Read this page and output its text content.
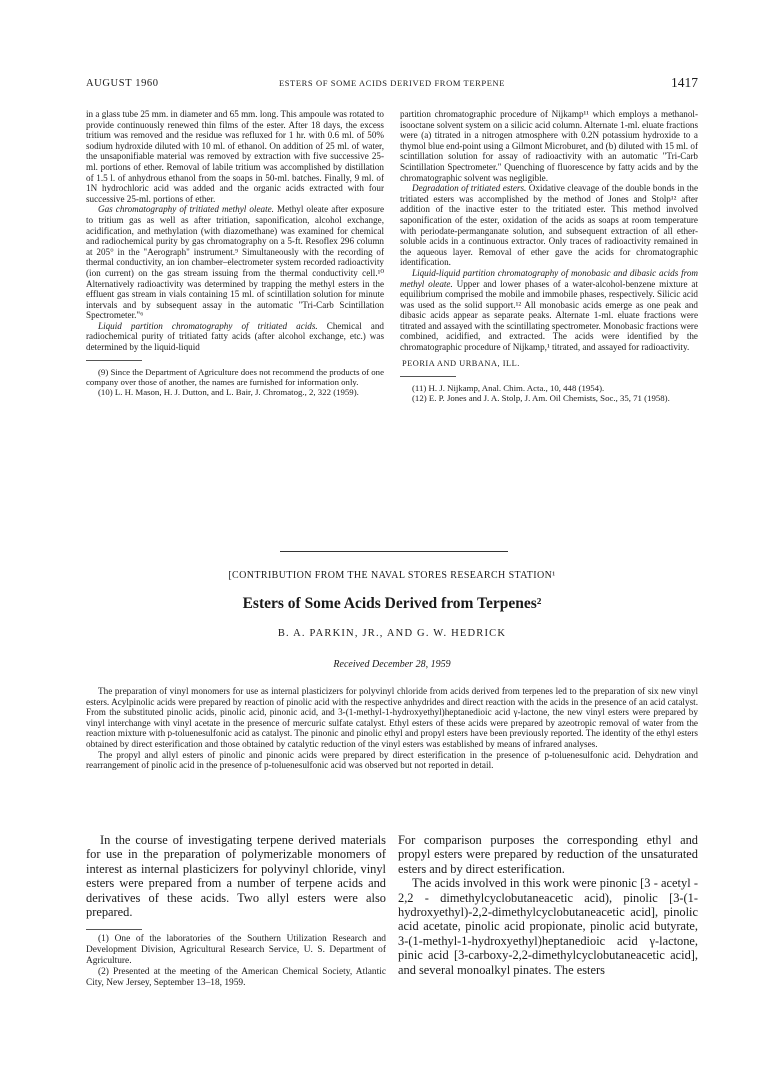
AUGUST 1960	ESTERS OF SOME ACIDS DERIVED FROM TERPENE	1417

in a glass tube 25 mm. in diameter and 65 mm. long. This ampoule was rotated to provide continuously renewed thin films of the ester. After 18 days, the excess tritium was removed and the residue was refluxed for 1 hr. with 0.6 ml. of 50% sodium hydroxide diluted with 10 ml. of ethanol. On addition of 25 ml. of water, the unsaponifiable material was removed by extraction with five successive 25-ml. portions of ether. Removal of labile tritium was accomplished by distillation of 1.5 l. of anhydrous ethanol from the soaps in 50-ml. batches. Finally, 9 ml. of 1N hydrochloric acid was added and the organic acids extracted with four successive 25-ml. portions of ether.

Gas chromatography of tritiated methyl oleate. Methyl oleate after exposure to tritium gas as well as after tritiation, saponification, alcohol exchange, acidification, and methylation (with diazomethane) was examined for chemical and radiochemical purity by gas chromatography on a 5-ft. Resoflex 296 column at 205° in the "Aerograph" instrument.⁹ Simultaneously with the recording of thermal conductivity, an ion chamber–electrometer system recorded radioactivity (ion current) on the gas stream issuing from the thermal conductivity cell.¹⁰ Alternatively radioactivity was determined by trapping the methyl esters in the effluent gas stream in vials containing 15 ml. of scintillation solution for minute intervals and by subsequent assay in the automatic "Tri-Carb Scintillation Spectrometer."⁶

Liquid partition chromatography of tritiated acids. Chemical and radiochemical purity of tritiated fatty acids (after alcohol exchange, etc.) was determined by the liquid-liquid

(9) Since the Department of Agriculture does not recommend the products of one company over those of another, the names are furnished for information only.

(10) L. H. Mason, H. J. Dutton, and L. Bair, J. Chromatog., 2, 322 (1959).

partition chromatographic procedure of Nijkamp¹¹ which employs a methanol-isooctane solvent system on a silicic acid column. Alternate 1-ml. eluate fractions were (a) titrated in a nitrogen atmosphere with 0.2N potassium hydroxide to a thymol blue end-point using a Gilmont Microburet, and (b) diluted with 15 ml. of scintillation solution for assay of radioactivity with an automatic "Tri-Carb Scintillation Spectrometer." Quenching of fluorescence by fatty acids and by the chromatographic solvent was negligible.

Degradation of tritiated esters. Oxidative cleavage of the double bonds in the tritiated esters was accomplished by the method of Jones and Stolp¹² after addition of the inactive ester to the tritiated ester. This method involved saponification of the ester, oxidation of the acids as soaps at room temperature with periodate-permanganate solution, and subsequent extraction of all ether-soluble acids in a continuous extractor. Only traces of radioactivity remained in the aqueous layer. Removal of ether gave the acids for chromatographic identification.

Liquid-liquid partition chromatography of monobasic and dibasic acids from methyl oleate. Upper and lower phases of a water-alcohol-benzene mixture at equilibrium comprised the mobile and immobile phases, respectively. Silicic acid was used as the solid support.¹² All monobasic acids emerge as one peak and dibasic acids appear as separate peaks. Alternate 1-ml. eluate fractions were titrated and assayed with the scintillating spectrometer. Monobasic fractions were combined, acidified, and extracted. The acids were identified by the chromatographic procedure of Nijkamp,¹ titrated, and assayed for radioactivity.

PEORIA AND URBANA, ILL.

(11) H. J. Nijkamp, Anal. Chim. Acta., 10, 448 (1954).

(12) E. P. Jones and J. A. Stolp, J. Am. Oil Chemists, Soc., 35, 71 (1958).

[CONTRIBUTION FROM THE NAVAL STORES RESEARCH STATION¹
Esters of Some Acids Derived from Terpenes²
B. A. PARKIN, JR., AND G. W. HEDRICK
Received December 28, 1959

The preparation of vinyl monomers for use as internal plasticizers for polyvinyl chloride from acids derived from terpenes led to the preparation of six new vinyl esters. Acylpinolic acids were prepared by reaction of pinolic acid with the respective anhydrides and direct reaction with the acids in the presence of an acid catalyst. From the substituted pinolic acids, pinolic acid, pinonic acid, and 3-(1-methyl-1-hydroxyethyl)heptanedioic acid γ-lactone, the new vinyl esters were prepared by vinyl interchange with vinyl acetate in the presence of mercuric sulfate catalyst. Ethyl esters of these acids were prepared by azeotropic removal of water from the reaction mixture with p-toluenesulfonic acid as catalyst. The pinonic and pinolic ethyl and propyl esters have been previously reported. The identity of the ethyl esters obtained by direct esterification and those obtained by catalytic reduction of the vinyl esters was established by means of infrared analyses.

The propyl and allyl esters of pinolic and pinonic acids were prepared by direct esterification in the presence of p-toluenesulfonic acid. Dehydration and rearrangement of pinolic acid in the presence of p-toluenesulfonic acid was observed but not reported in detail.

In the course of investigating terpene derived materials for use in the preparation of polymerizable monomers of interest as internal plasticizers for polyvinyl chloride, vinyl esters were prepared from a number of terpene acids and derivatives of these acids. Two allyl esters were also prepared.

(1) One of the laboratories of the Southern Utilization Research and Development Division, Agricultural Research Service, U. S. Department of Agriculture.

(2) Presented at the meeting of the American Chemical Society, Atlantic City, New Jersey, September 13–18, 1959.

For comparison purposes the corresponding ethyl and propyl esters were prepared by reduction of the unsaturated esters and by direct esterification.

The acids involved in this work were pinonic [3 - acetyl - 2,2 - dimethylcyclobutaneacetic acid), pinolic [3-(1-hydroxyethyl)-2,2-dimethylcyclobutaneacetic acid], pinolic acid acetate, pinolic acid propionate, pinolic acid butyrate, 3-(1-methyl-1-hydroxyethyl)heptanedioic acid γ-lactone, pinic acid [3-carboxy-2,2-dimethylcyclobutaneacetic acid], and several monoalkyl pinates. The esters
